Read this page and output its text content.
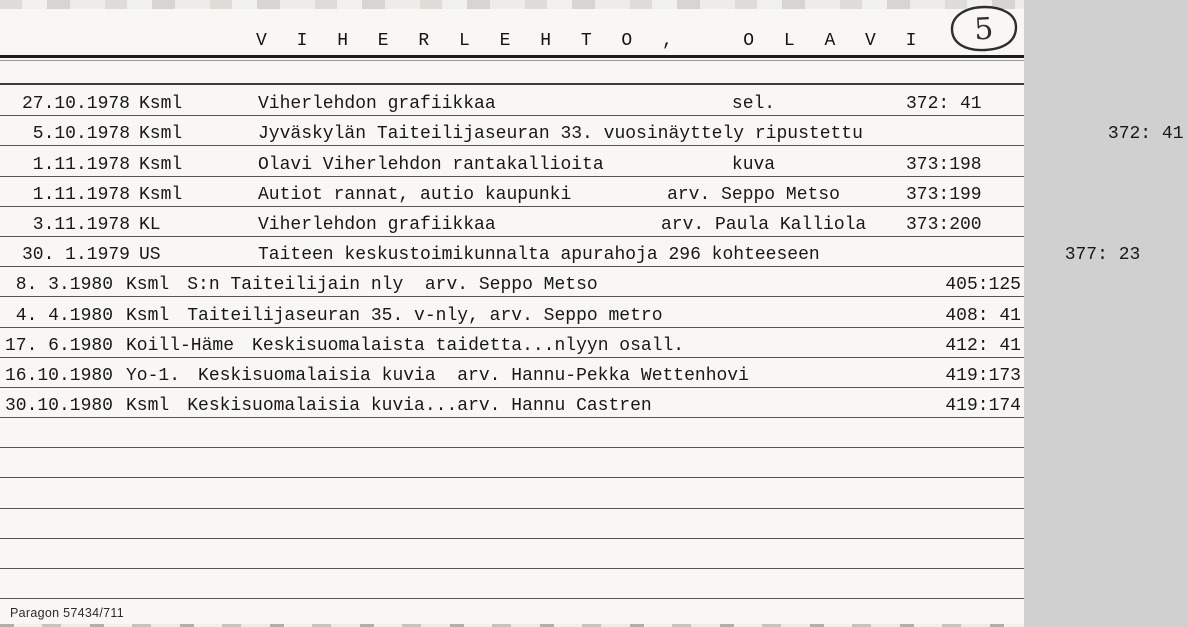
V I H E R L E H T O ,   O L A V I 5
27.10.1978 Ksml	Viherlehdon grafiikkaa	sel.	372: 41
5.10.1978 Ksml	Jyväskylän Taiteilijaseuran 33. vuosinäyttely ripustettu	372: 41
1.11.1978 Ksml	Olavi Viherlehdon rantakallioita	kuva	373:198
1.11.1978 Ksml	Autiot rannat, autio kaupunki	arv. Seppo Metso	373:199
3.11.1978 KL	Viherlehdon grafiikkaa	arv. Paula Kalliola 373:200
30. 1.1979 US	Taiteen keskustoimikunnalta apurahoja 296 kohteeseen	377: 23
8. 3.1980 Ksml S:n Taiteilijain nly  arv. Seppo Metso	405:125
4. 4.1980 Ksml Taiteilijaseuran 35. v-nly, arv. Seppo metro	408: 41
17. 6.1980 Koill-Häme Keskisuomalaista taidetta...nlyyn osall.	412: 41
16.10.1980 Yo-1. Keskisuomalaisia kuvia  arv. Hannu-Pekka Wettenhovi	419:173
30.10.1980 Ksml Keskisuomalaisia kuvia...arv. Hannu Castren	419:174
Paragon 57434/711
